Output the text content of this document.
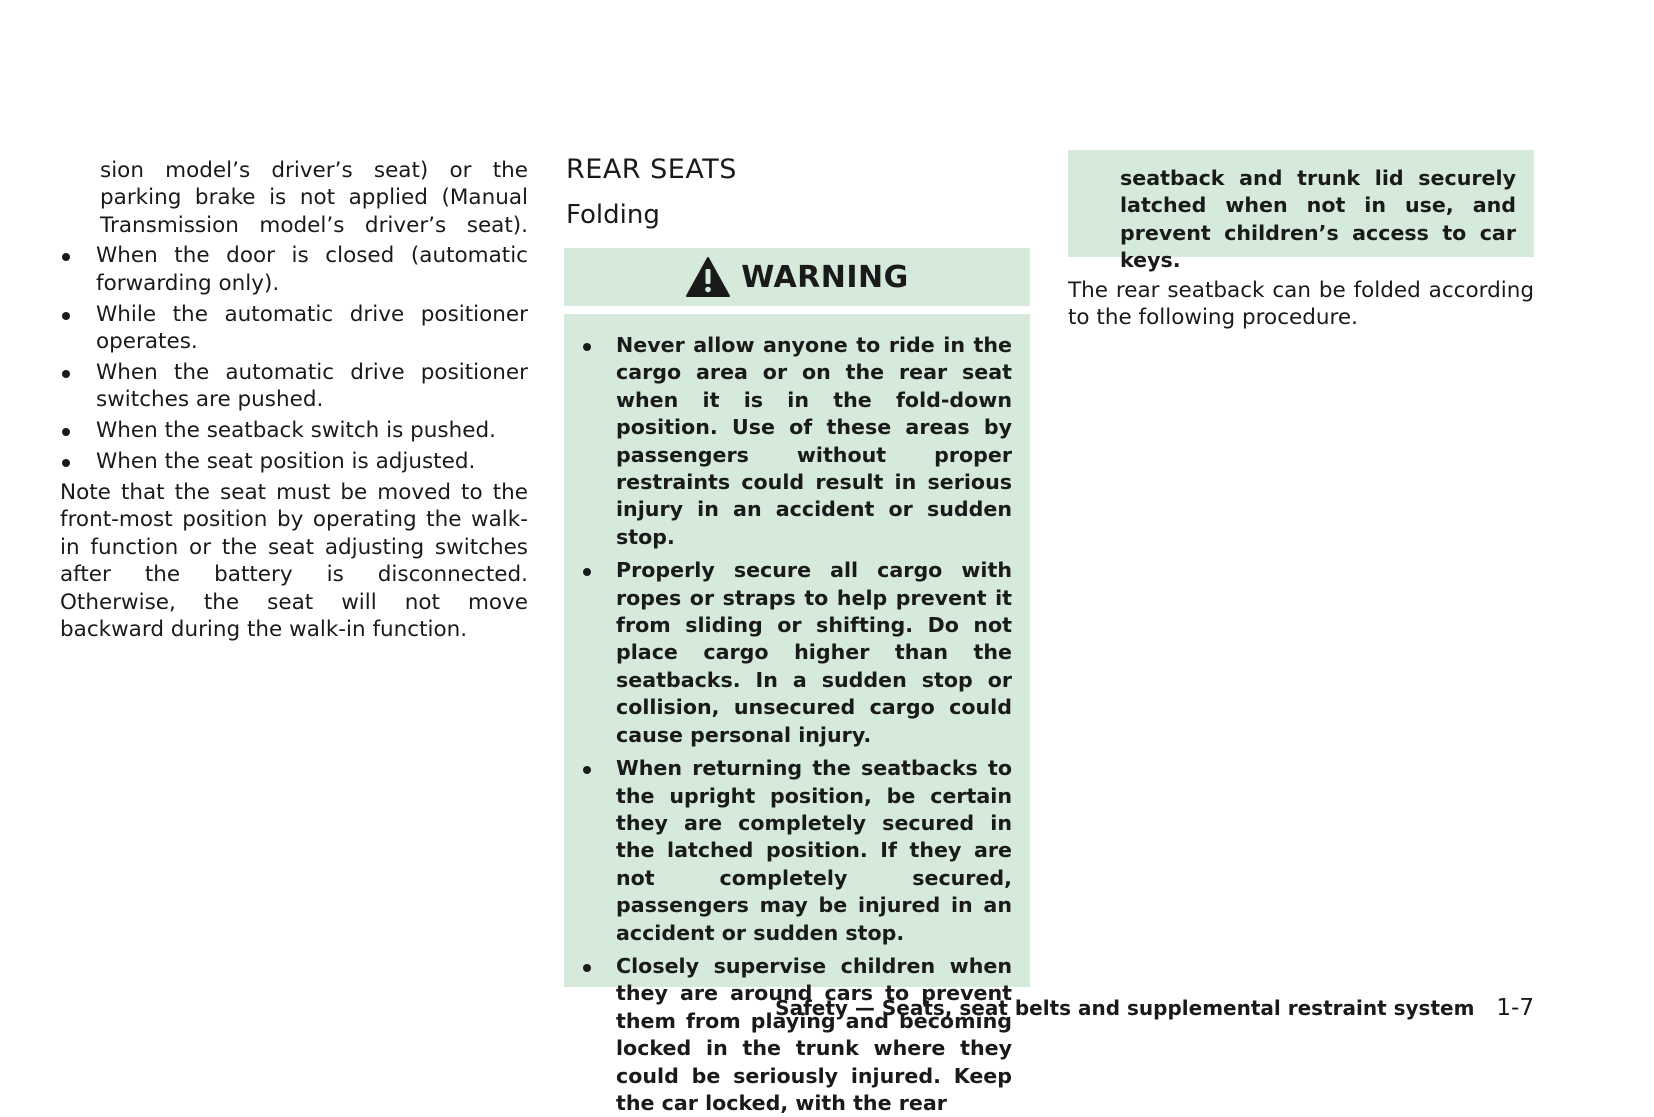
sion model’s driver’s seat) or the parking brake is not applied (Manual Transmission model’s driver’s seat).
When the door is closed (automatic forwarding only).
While the automatic drive positioner operates.
When the automatic drive positioner switches are pushed.
When the seatback switch is pushed.
When the seat position is adjusted.
Note that the seat must be moved to the front-most position by operating the walk-in function or the seat adjusting switches after the battery is disconnected. Otherwise, the seat will not move backward during the walk-in function.
REAR SEATS
Folding
WARNING
Never allow anyone to ride in the cargo area or on the rear seat when it is in the fold-down position. Use of these areas by passengers without proper restraints could result in serious injury in an accident or sudden stop.
Properly secure all cargo with ropes or straps to help prevent it from sliding or shifting. Do not place cargo higher than the seatbacks. In a sudden stop or collision, unsecured cargo could cause personal injury.
When returning the seatbacks to the upright position, be certain they are completely secured in the latched position. If they are not completely secured, passengers may be injured in an accident or sudden stop.
Closely supervise children when they are around cars to prevent them from playing and becoming locked in the trunk where they could be seriously injured. Keep the car locked, with the rear
seatback and trunk lid securely latched when not in use, and prevent children’s access to car keys.
The rear seatback can be folded according to the following procedure.
Safety — Seats, seat belts and supplemental restraint system 1-7
